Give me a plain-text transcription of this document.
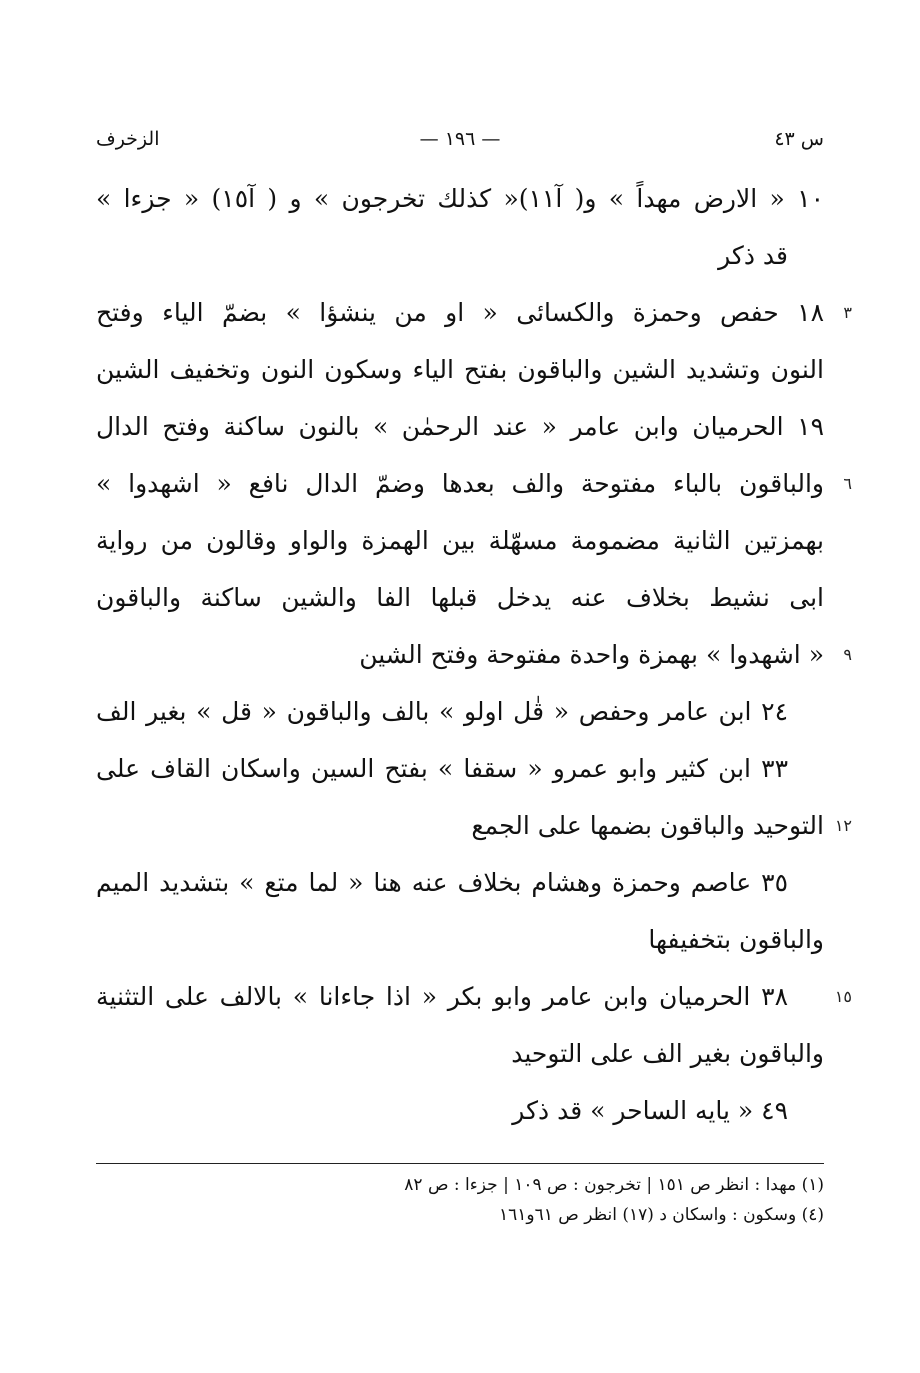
س ٤٣
— ١٩٦ —
الزخرف
١٠ « الارض مهداً » و( آ١١)« كذلك تخرجون » و ( آ١٥) « جزءا »
قد ذكر
٣
١٨ حفص وحمزة والكسائى « او من ينشؤا » بضمّ الياء وفتح
النون وتشديد الشين والباقون بفتح الياء وسكون النون وتخفيف الشين
١٩ الحرميان وابن عامر « عند الرحمٰن » بالنون ساكنة وفتح الدال
٦
والباقون بالباء مفتوحة والف بعدها وضمّ الدال نافع « اشهدوا »
بهمزتين الثانية مضمومة مسهّلة بين الهمزة والواو وقالون من رواية
ابى نشيط بخلاف عنه يدخل قبلها الفا والشين ساكنة والباقون
٩
« اشهدوا » بهمزة واحدة مفتوحة وفتح الشين
٢٤ ابن عامر وحفص « قٰل اولو » بالف والباقون « قل » بغير الف
٣٣ ابن كثير وابو عمرو « سقفا » بفتح السين واسكان القاف على
١٢
التوحيد والباقون بضمها على الجمع
٣٥ عاصم وحمزة وهشام بخلاف عنه هنا « لما متع » بتشديد الميم
والباقون بتخفيفها
١٥
٣٨ الحرميان وابن عامر وابو بكر « اذا جاءانا » بالالف على التثنية
والباقون بغير الف على التوحيد
٤٩ « يايه الساحر » قد ذكر
(١) مهدا : انظر ص ١٥١ | تخرجون : ص ١٠٩ | جزءا : ص ٨٢
(٤) وسكون : واسكان د (١٧) انظر ص ٦١و١٦١
